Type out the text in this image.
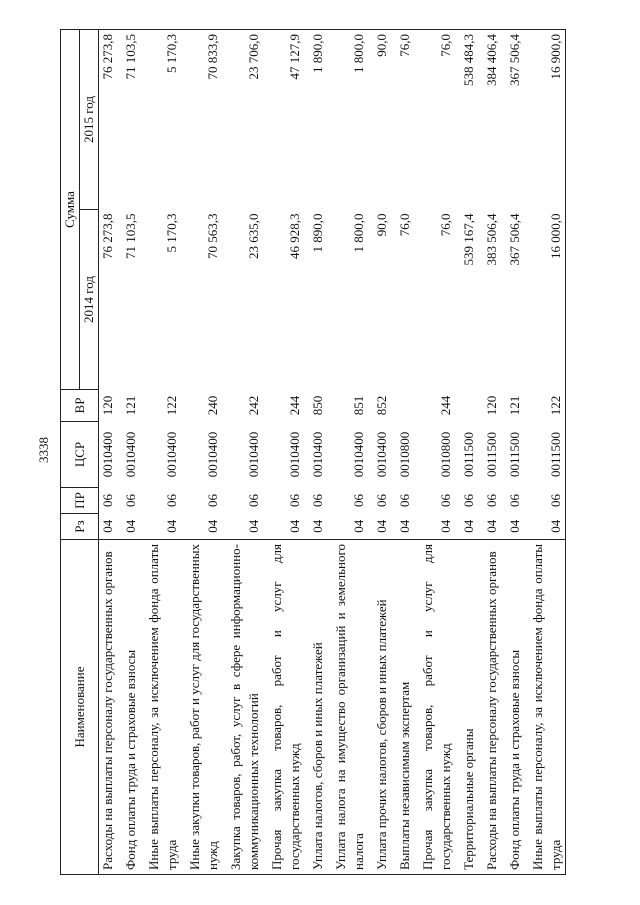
3338
Наименование	Рз	ПР	ЦСР	ВР	Сумма	
					2014 год	2015 год
Расходы на выплаты персоналу государственных органов	04	06	0010400	120	76 273,8	76 273,8
Фонд оплаты труда и страховые взносы	04	06	0010400	121	71 103,5	71 103,5
Иные выплаты персоналу, за исключением фонда оплаты труда	04	06	0010400	122	5 170,3	5 170,3
Иные закупки товаров, работ и услуг для государственных нужд	04	06	0010400	240	70 563,3	70 833,9
Закупка товаров, работ, услуг в сфере информационно-коммуникационных технологий	04	06	0010400	242	23 635,0	23 706,0
Прочая закупка товаров, работ и услуг для государственных нужд	04	06	0010400	244	46 928,3	47 127,9
Уплата налогов, сборов и иных платежей	04	06	0010400	850	1 890,0	1 890,0
Уплата налога на имущество организаций и земельного налога	04	06	0010400	851	1 800,0	1 800,0
Уплата прочих налогов, сборов и иных платежей	04	06	0010400	852	90,0	90,0
Выплаты независимым экспертам	04	06	0010800		76,0	76,0
Прочая закупка товаров, работ и услуг для государственных нужд	04	06	0010800	244	76,0	76,0
Территориальные органы	04	06	0011500		539 167,4	538 484,3
Расходы на выплаты персоналу государственных органов	04	06	0011500	120	383 506,4	384 406,4
Фонд оплаты труда и страховые взносы	04	06	0011500	121	367 506,4	367 506,4
Иные выплаты персоналу, за исключением фонда оплаты труда	04	06	0011500	122	16 000,0	16 900,0
